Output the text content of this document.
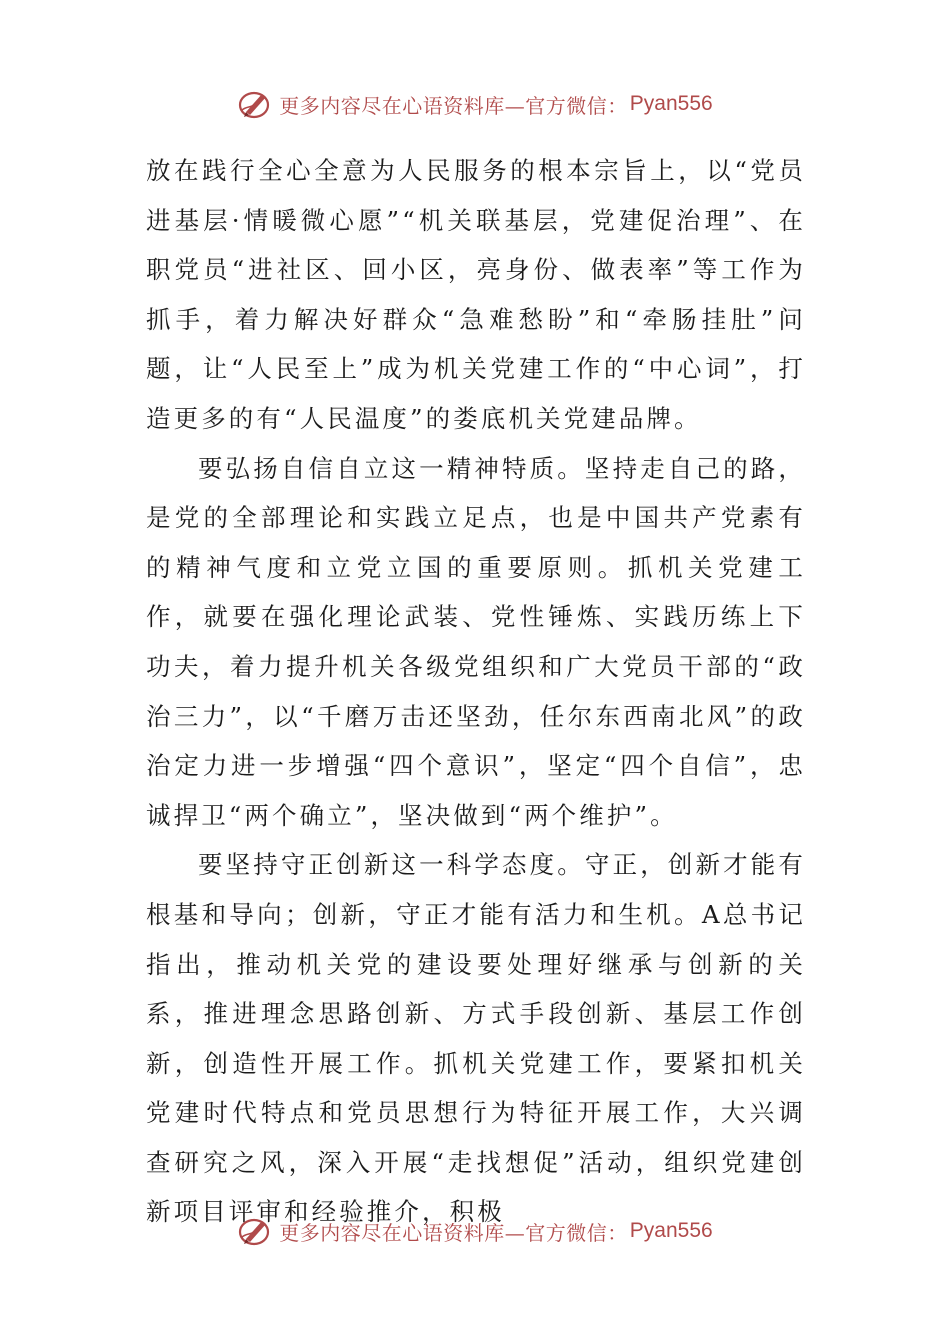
更多内容尽在心语资料库—官方微信： Pyan556

放在践行全心全意为人民服务的根本宗旨上，以“党员进基层·情暖微心愿”“机关联基层，党建促治理”、在职党员“进社区、回小区，亮身份、做表率”等工作为抓手，着力解决好群众“急难愁盼”和“牵肠挂肚”问题，让“人民至上”成为机关党建工作的“中心词”，打造更多的有“人民温度”的娄底机关党建品牌。

要弘扬自信自立这一精神特质。坚持走自己的路，是党的全部理论和实践立足点，也是中国共产党素有的精神气度和立党立国的重要原则。抓机关党建工作，就要在强化理论武装、党性锤炼、实践历练上下功夫，着力提升机关各级党组织和广大党员干部的“政治三力”，以“千磨万击还坚劲，任尔东西南北风”的政治定力进一步增强“四个意识”，坚定“四个自信”，忠诚捍卫“两个确立”，坚决做到“两个维护”。

要坚持守正创新这一科学态度。守正，创新才能有根基和导向；创新，守正才能有活力和生机。A总书记指出，推动机关党的建设要处理好继承与创新的关系，推进理念思路创新、方式手段创新、基层工作创新，创造性开展工作。抓机关党建工作，要紧扣机关党建时代特点和党员思想行为特征开展工作，大兴调查研究之风，深入开展“走找想促”活动，组织党建创新项目评审和经验推介，积极

更多内容尽在心语资料库—官方微信： Pyan556
